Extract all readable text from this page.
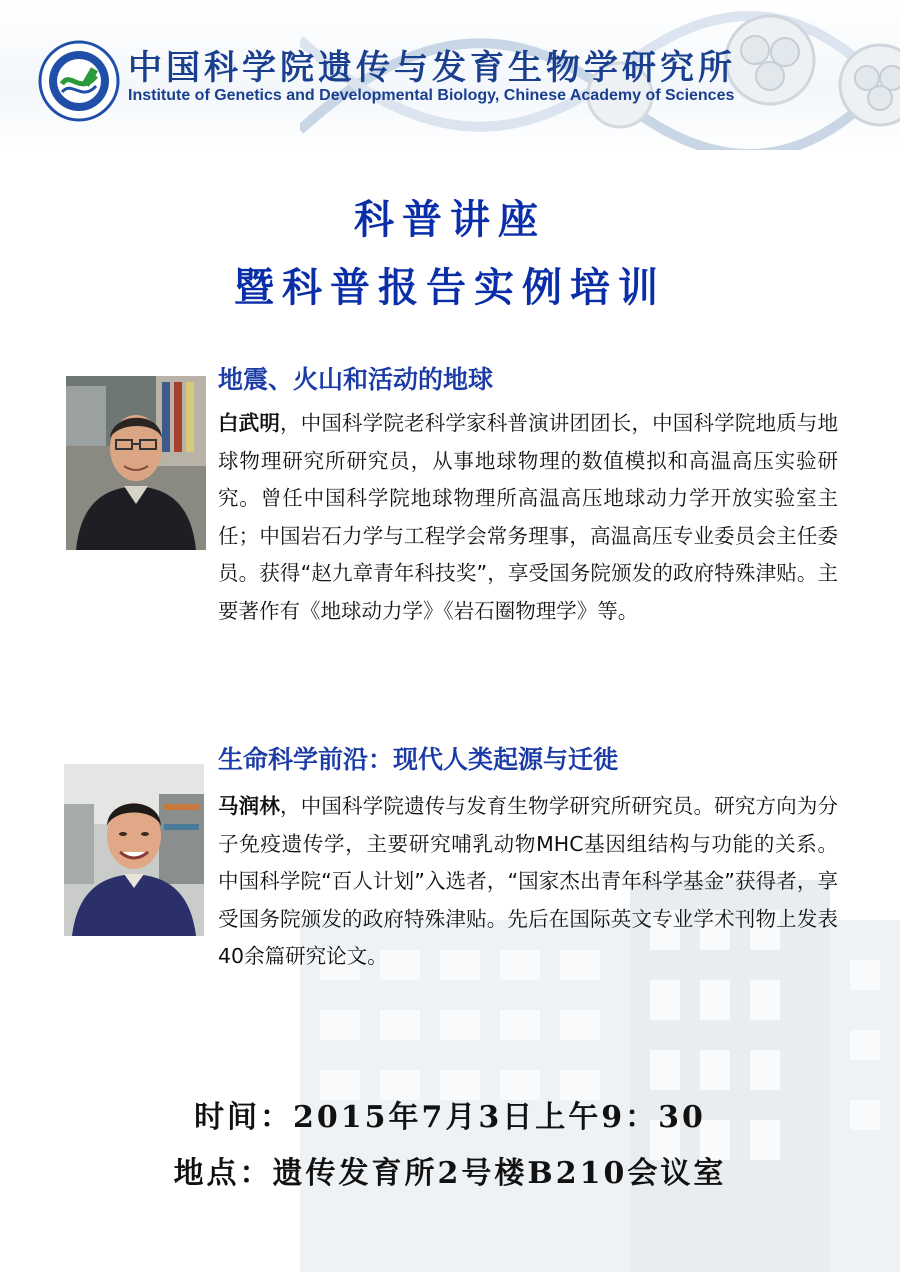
中国科学院遗传与发育生物学研究所
Institute of Genetics and Developmental Biology, Chinese Academy of Sciences
科普讲座
暨科普报告实例培训
地震、火山和活动的地球
白武明，中国科学院老科学家科普演讲团团长，中国科学院地质与地球物理研究所研究员，从事地球物理的数值模拟和高温高压实验研究。曾任中国科学院地球物理所高温高压地球动力学开放实验室主任；中国岩石力学与工程学会常务理事，高温高压专业委员会主任委员。获得“赵九章青年科技奖”，享受国务院颁发的政府特殊津贴。主要著作有《地球动力学》《岩石圈物理学》等。
生命科学前沿：现代人类起源与迁徙
马润林，中国科学院遗传与发育生物学研究所研究员。研究方向为分子免疫遗传学，主要研究哺乳动物MHC基因组结构与功能的关系。中国科学院“百人计划”入选者，“国家杰出青年科学基金”获得者，享受国务院颁发的政府特殊津贴。先后在国际英文专业学术刊物上发表 40余篇研究论文。
时间：2015年7月3日上午9：30
地点：遗传发育所2号楼B210会议室
